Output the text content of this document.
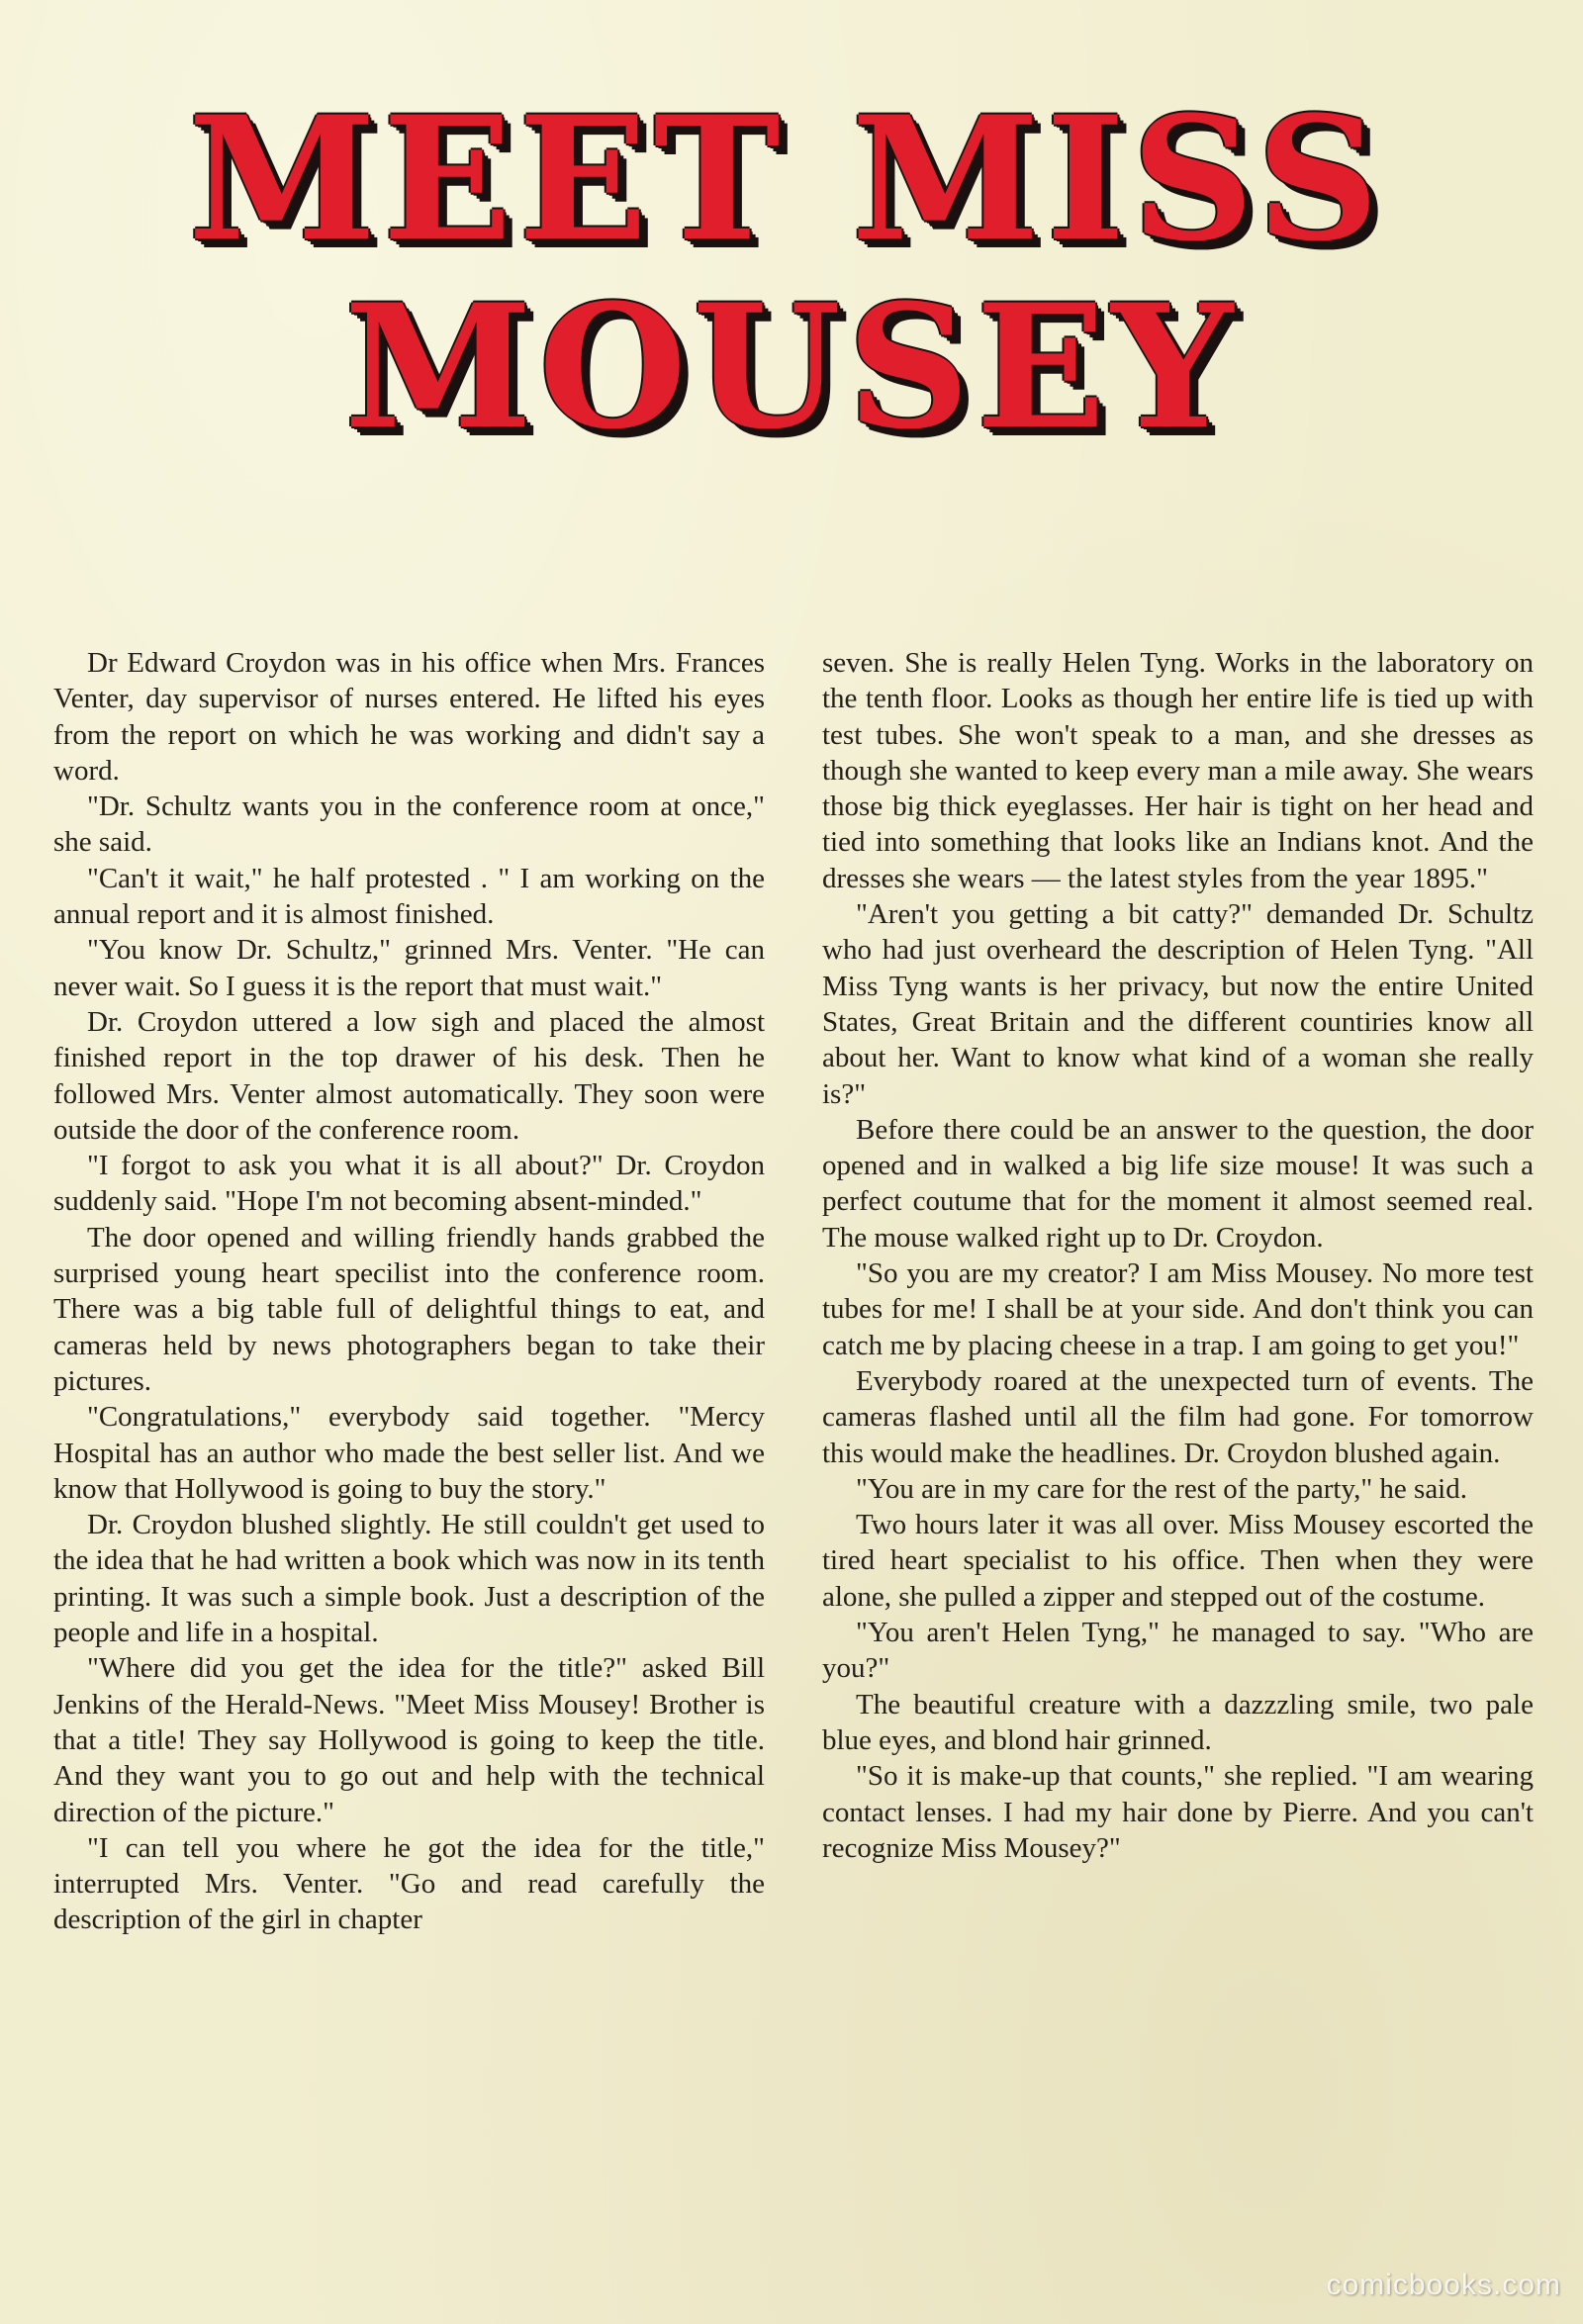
MEET MISS
MOUSEY

Dr Edward Croydon was in his office when Mrs. Frances Venter, day supervisor of nurses entered. He lifted his eyes from the report on which he was working and didn't say a word.

"Dr. Schultz wants you in the conference room at once," she said.

"Can't it wait," he half protested . " I am working on the annual report and it is almost finished.

"You know Dr. Schultz," grinned Mrs. Venter. "He can never wait. So I guess it is the report that must wait."

Dr. Croydon uttered a low sigh and placed the almost finished report in the top drawer of his desk. Then he followed Mrs. Venter almost automatically. They soon were outside the door of the conference room.

"I forgot to ask you what it is all about?" Dr. Croydon suddenly said. "Hope I'm not becoming absent-minded."

The door opened and willing friendly hands grabbed the surprised young heart specilist into the conference room. There was a big table full of delightful things to eat, and cameras held by news photographers began to take their pictures.

"Congratulations," everybody said together. "Mercy Hospital has an author who made the best seller list. And we know that Hollywood is going to buy the story."

Dr. Croydon blushed slightly. He still couldn't get used to the idea that he had written a book which was now in its tenth printing. It was such a simple book. Just a description of the people and life in a hospital.

"Where did you get the idea for the title?" asked Bill Jenkins of the Herald-News. "Meet Miss Mousey! Brother is that a title! They say Hollywood is going to keep the title. And they want you to go out and help with the technical direction of the picture."

"I can tell you where he got the idea for the title," interrupted Mrs. Venter. "Go and read carefully the description of the girl in chapter

seven. She is really Helen Tyng. Works in the laboratory on the tenth floor. Looks as though her entire life is tied up with test tubes. She won't speak to a man, and she dresses as though she wanted to keep every man a mile away. She wears those big thick eyeglasses. Her hair is tight on her head and tied into something that looks like an Indians knot. And the dresses she wears — the latest styles from the year 1895."

"Aren't you getting a bit catty?" demanded Dr. Schultz who had just overheard the description of Helen Tyng. "All Miss Tyng wants is her privacy, but now the entire United States, Great Britain and the different countiries know all about her. Want to know what kind of a woman she really is?"

Before there could be an answer to the question, the door opened and in walked a big life size mouse! It was such a perfect coutume that for the moment it almost seemed real. The mouse walked right up to Dr. Croydon.

"So you are my creator? I am Miss Mousey. No more test tubes for me! I shall be at your side. And don't think you can catch me by placing cheese in a trap. I am going to get you!"

Everybody roared at the unexpected turn of events. The cameras flashed until all the film had gone. For tomorrow this would make the headlines. Dr. Croydon blushed again.

"You are in my care for the rest of the party," he said.

Two hours later it was all over. Miss Mousey escorted the tired heart specialist to his office. Then when they were alone, she pulled a zipper and stepped out of the costume.

"You aren't Helen Tyng," he managed to say. "Who are you?"

The beautiful creature with a dazzzling smile, two pale blue eyes, and blond hair grinned.

"So it is make-up that counts," she replied. "I am wearing contact lenses. I had my hair done by Pierre. And you can't recognize Miss Mousey?"

comicbooks.com
